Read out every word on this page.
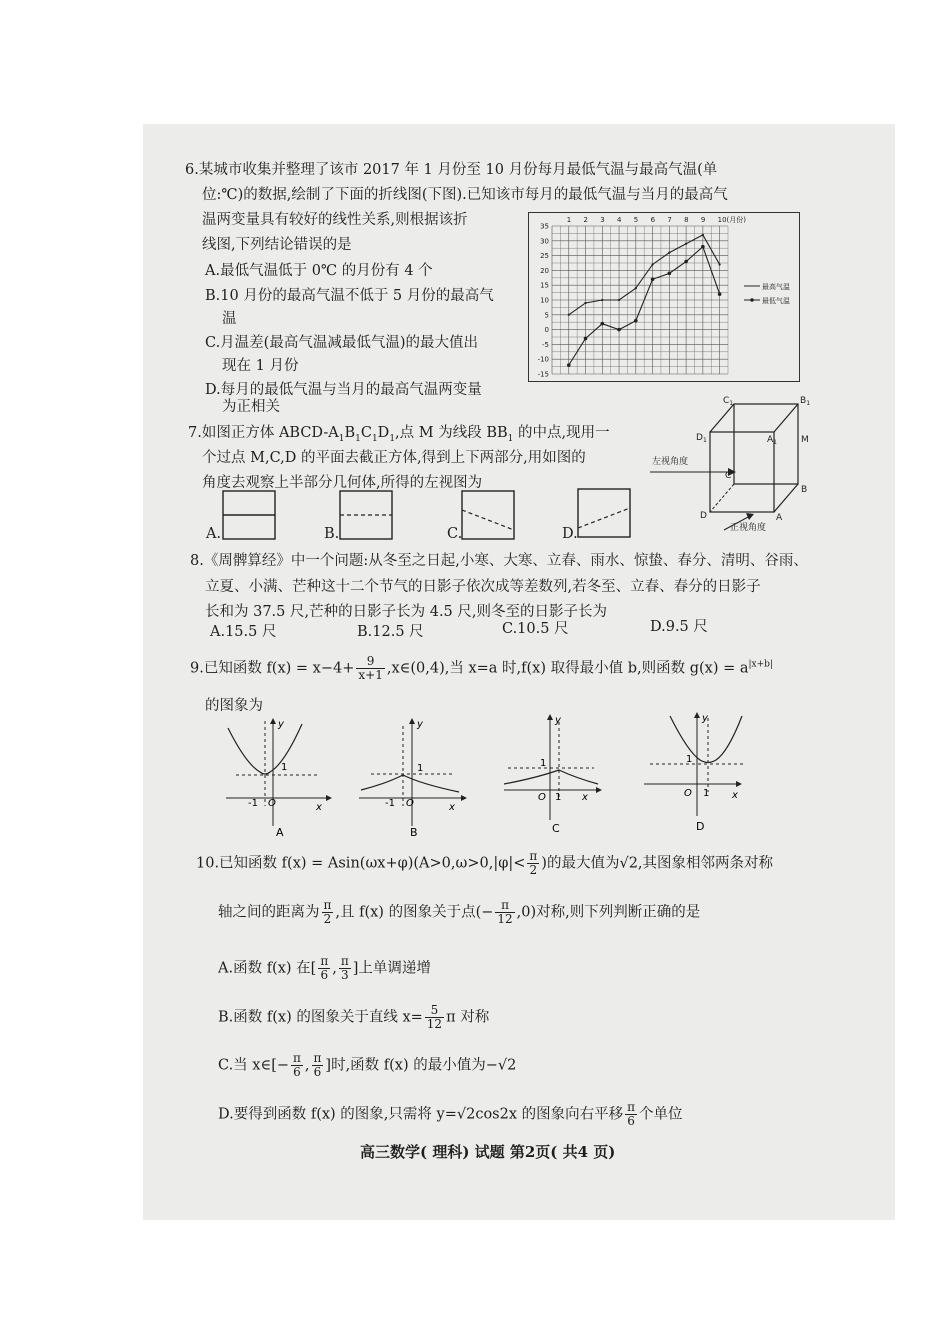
6.某城市收集并整理了该市 2017 年 1 月份至 10 月份每月最低气温与最高气温(单
位:℃)的数据,绘制了下面的折线图(下图).已知该市每月的最低气温与当月的最高气
温两变量具有较好的线性关系,则根据该折
线图,下列结论错误的是
A.最低气温低于 0℃ 的月份有 4 个
B.10 月份的最高气温不低于 5 月份的最高气
温
C.月温差(最高气温减最低气温)的最大值出
现在 1 月份
D.每月的最低气温与当月的最高气温两变量
为正相关
35
30
25
20
15
10
5
0
-5
-10
-15
1 2 3 4 5 6 7 8 9 10(月份)
最高气温
最低气温
7.如图正方体 ABCD-$A_1B_1C_1D_1$,点 M 为线段 $BB_1$ 的中点,现用一
个过点 M,C,D 的平面去截正方体,得到上下两部分,用如图的
角度去观察上半部分几何体,所得的左视图为
A.	B.	C.	D.
$C_1$	$B_1$
$D_1$	$A_1$	M
C
B
D	A
左视角度
正视角度
8.《周髀算经》中一个问题:从冬至之日起,小寒、大寒、立春、雨水、惊蛰、春分、清明、谷雨、
立夏、小满、芒种这十二个节气的日影子依次成等差数列,若冬至、立春、春分的日影子
长和为 37.5 尺,芒种的日影子长为 4.5 尺,则冬至的日影子长为
A.15.5 尺	B.12.5 尺	C.10.5 尺	D.9.5 尺
9.已知函数 $f(x) = x-4+ \frac{9}{x+1}$ ,x∈(0,4),当 x=a 时,f(x) 取得最小值 b,则函数 $g(x) = a^{|x+b|}$
的图象为
1
-1 O	x
y
A
1
-1 O	x
y
B
1
O 1 x
y
C
1
O 1 x
y
D
10.已知函数 $f(x) = Asin(\omega x+\varphi)(A>0,\omega>0,|\varphi|< \frac{\pi}{2}$ )的最大值为√2,其图象相邻两条对称
轴之间的距离为 $\frac{\pi}{2}$ ,且 f(x) 的图象关于点(− $\frac{\pi}{12} ,0$)对称,则下列判断正确的是
A.函数 f(x) 在[ $\frac{\pi}{6}$ , $\frac{\pi}{3}$ ]上单调递增
B.函数 f(x) 的图象关于直线 $x= \frac{5}{12}$ π 对称
C.当 x∈[− $\frac{\pi}{6}$ , $\frac{\pi}{6}$ ]时,函数 f(x) 的最小值为−√2
D.要得到函数 f(x) 的图象,只需将 y=√2cos2x 的图象向右平移 $\frac{\pi}{6}$ 个单位
高三数学( 理科) 试题 第2页( 共4 页)
